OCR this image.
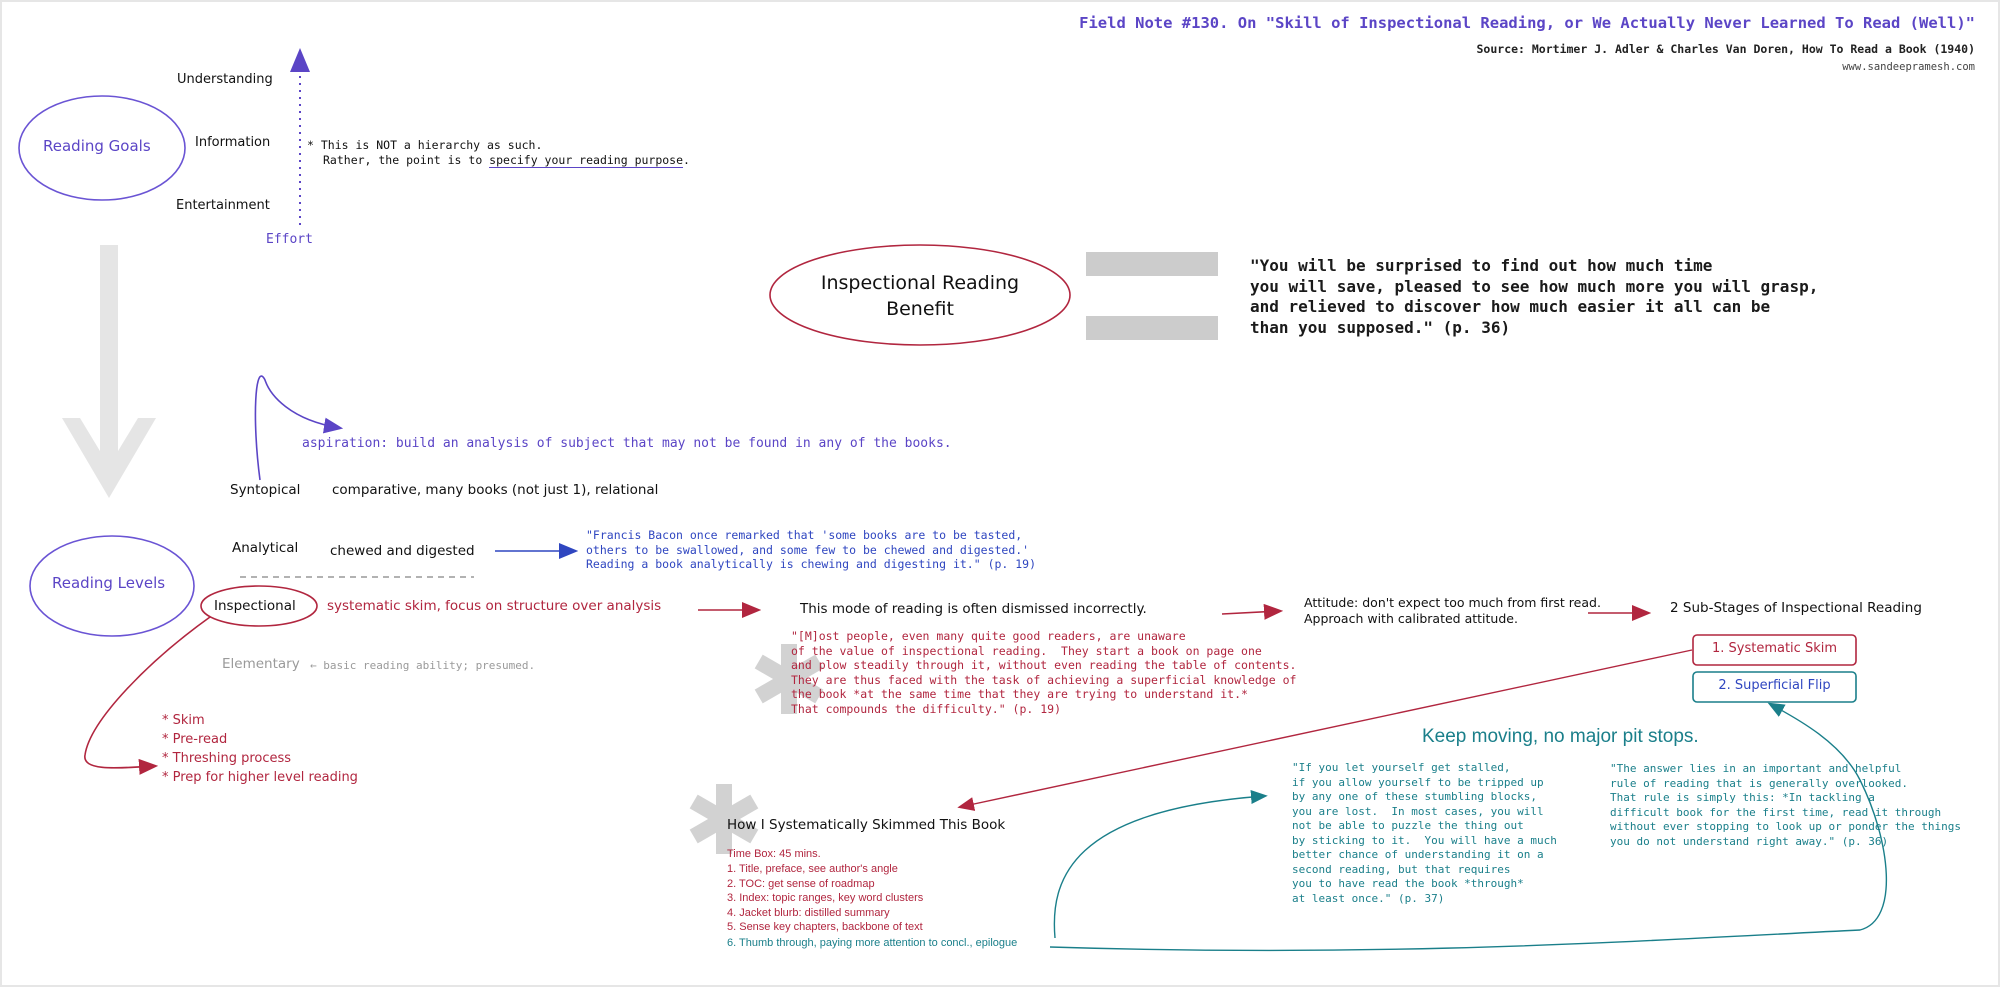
Field Note #130. On "Skill of Inspectional Reading, or We Actually Never Learned To Read (Well)"
Source: Mortimer J. Adler & Charles Van Doren, How To Read a Book (1940)
www.sandeepramesh.com
Reading Goals
Understanding
Information
Entertainment
Effort
* This is NOT a hierarchy as such.
Rather, the point is to specify your reading purpose.
Inspectional Reading
Benefit
"You will be surprised to find out how much time
you will save, pleased to see how much more you will grasp,
and relieved to discover how much easier it all can be
than you supposed." (p. 36)
aspiration: build an analysis of subject that may not be found in any of the books.
Syntopical comparative, many books (not just 1), relational
Reading Levels
Analytical chewed and digested
"Francis Bacon once remarked that 'some books are to be tasted,
others to be swallowed, and some few to be chewed and digested.'
Reading a book analytically is chewing and digesting it." (p. 19)
Inspectional systematic skim, focus on structure over analysis
Elementary ← basic reading ability; presumed.
* Skim
* Pre-read
* Threshing process
* Prep for higher level reading
This mode of reading is often dismissed incorrectly.
"[M]ost people, even many quite good readers, are unaware
of the value of inspectional reading.  They start a book on page one
and plow steadily through it, without even reading the table of contents.
They are thus faced with the task of achieving a superficial knowledge of
the book *at the same time that they are trying to understand it.*
That compounds the difficulty." (p. 19)
Attitude: don't expect too much from first read.
Approach with calibrated attitude.
2 Sub-Stages of Inspectional Reading
1. Systematic Skim
2. Superficial Flip
How I Systematically Skimmed This Book
Time Box: 45 mins.
1. Title, preface, see author's angle
2. TOC: get sense of roadmap
3. Index: topic ranges, key word clusters
4. Jacket blurb: distilled summary
5. Sense key chapters, backbone of text
6. Thumb through, paying more attention to concl., epilogue
Keep moving, no major pit stops.
"If you let yourself get stalled,
if you allow yourself to be tripped up
by any one of these stumbling blocks,
you are lost.  In most cases, you will
not be able to puzzle the thing out
by sticking to it.  You will have a much
better chance of understanding it on a
second reading, but that requires
you to have read the book *through*
at least once." (p. 37)
"The answer lies in an important and helpful
rule of reading that is generally overlooked.
That rule is simply this: *In tackling a
difficult book for the first time, read it through
without ever stopping to look up or ponder the things
you do not understand right away." (p. 36)
